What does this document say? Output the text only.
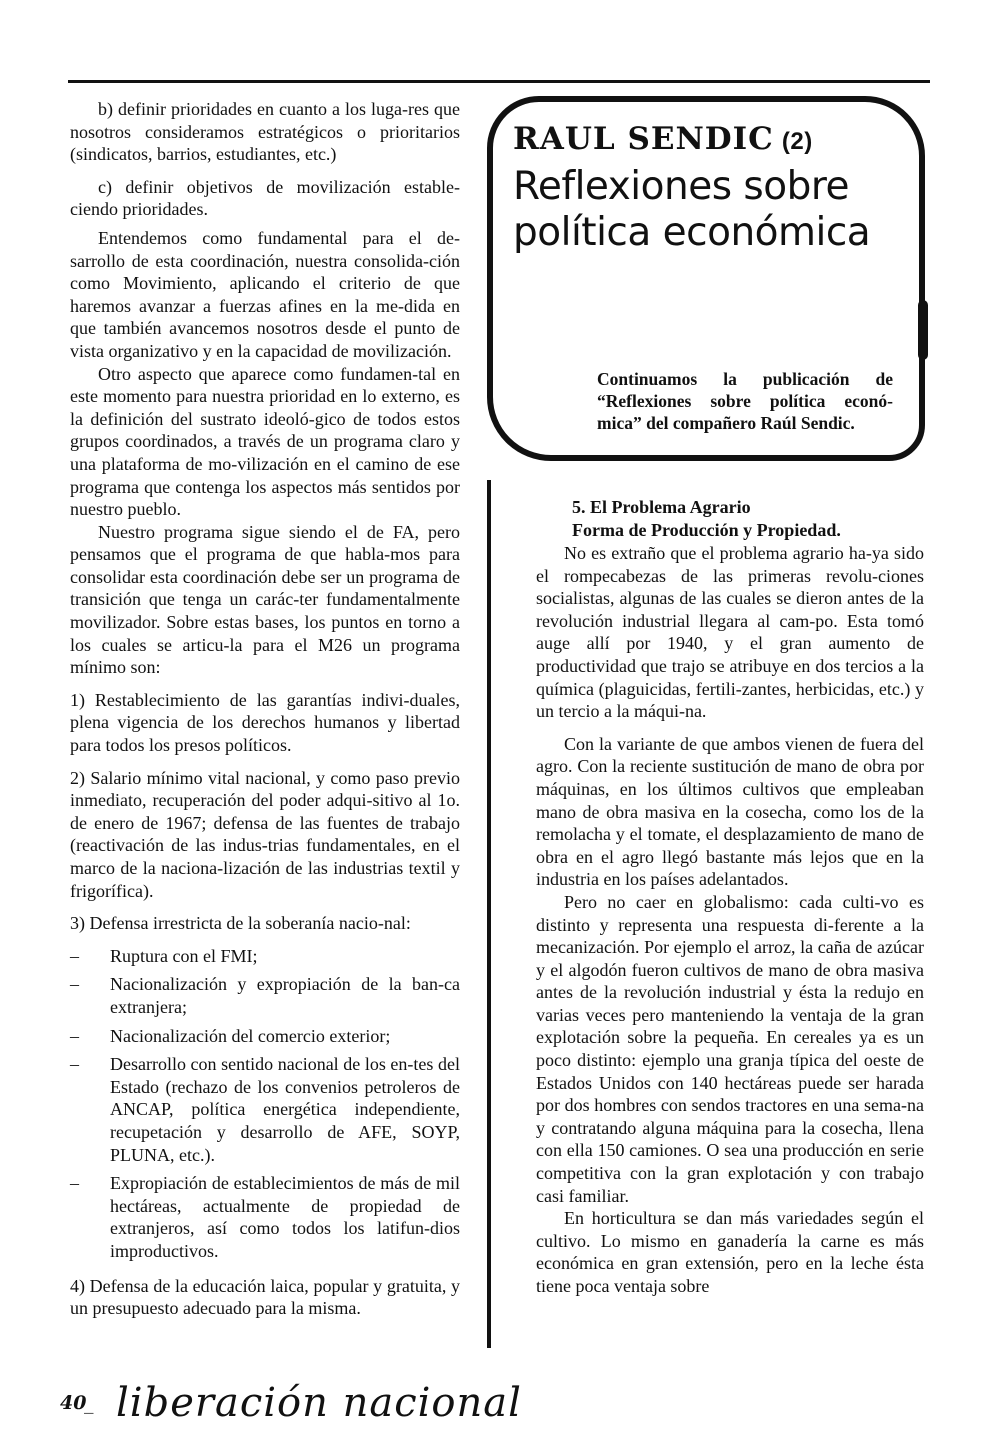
b) definir prioridades en cuanto a los luga-res que nosotros consideramos estratégicos o prioritarios (sindicatos, barrios, estudiantes, etc.)

c) definir objetivos de movilización estable-ciendo prioridades.

Entendemos como fundamental para el de-sarrollo de esta coordinación, nuestra consolida-ción como Movimiento, aplicando el criterio de que haremos avanzar a fuerzas afines en la me-dida en que también avancemos nosotros desde el punto de vista organizativo y en la capacidad de movilización.

Otro aspecto que aparece como fundamen-tal en este momento para nuestra prioridad en lo externo, es la definición del sustrato ideoló-gico de todos estos grupos coordinados, a través de un programa claro y una plataforma de mo-vilización en el camino de ese programa que contenga los aspectos más sentidos por nuestro pueblo.

Nuestro programa sigue siendo el de FA, pero pensamos que el programa de que habla-mos para consolidar esta coordinación debe ser un programa de transición que tenga un carác-ter fundamentalmente movilizador. Sobre estas bases, los puntos en torno a los cuales se articu-la para el M26 un programa mínimo son:

1) Restablecimiento de las garantías indivi-duales, plena vigencia de los derechos humanos y libertad para todos los presos políticos.

2) Salario mínimo vital nacional, y como paso previo inmediato, recuperación del poder adqui-sitivo al 1o. de enero de 1967; defensa de las fuentes de trabajo (reactivación de las indus-trias fundamentales, en el marco de la naciona-lización de las industrias textil y frigorífica).

3) Defensa irrestricta de la soberanía nacio-nal:

–	Ruptura con el FMI;
–	Nacionalización y expropiación de la ban-ca extranjera;
–	Nacionalización del comercio exterior;
–	Desarrollo con sentido nacional de los en-tes del Estado (rechazo de los convenios petroleros de ANCAP, política energética independiente, recupetación y desarrollo de AFE, SOYP, PLUNA, etc.).
–	Expropiación de establecimientos de más de mil hectáreas, actualmente de propiedad de extranjeros, así como todos los latifun-dios improductivos.

4) Defensa de la educación laica, popular y gratuita, y un presupuesto adecuado para la misma.

RAUL SENDIC (2)
Reflexiones sobre
política económica
Continuamos la publicación de “Reflexiones sobre política econó-mica” del compañero Raúl Sendic.
5. El Problema Agrario
Forma de Producción y Propiedad.

No es extraño que el problema agrario ha-ya sido el rompecabezas de las primeras revolu-ciones socialistas, algunas de las cuales se dieron antes de la revolución industrial llegara al cam-po. Esta tomó auge allí por 1940, y el gran aumento de productividad que trajo se atribuye en dos tercios a la química (plaguicidas, fertili-zantes, herbicidas, etc.) y un tercio a la máqui-na.

Con la variante de que ambos vienen de fuera del agro. Con la reciente sustitución de mano de obra por máquinas, en los últimos cultivos que empleaban mano de obra masiva en la cosecha, como los de la remolacha y el tomate, el desplazamiento de mano de obra en el agro llegó bastante más lejos que en la industria en los países adelantados.

Pero no caer en globalismo: cada culti-vo es distinto y representa una respuesta di-ferente a la mecanización. Por ejemplo el arroz, la caña de azúcar y el algodón fueron cultivos de mano de obra masiva antes de la revolución industrial y ésta la redujo en varias veces pero manteniendo la ventaja de la gran explotación sobre la pequeña. En cereales ya es un poco distinto: ejemplo una granja típica del oeste de Estados Unidos con 140 hectáreas puede ser harada por dos hombres con sendos tractores en una sema-na y contratando alguna máquina para la cosecha, llena con ella 150 camiones. O sea una producción en serie competitiva con la gran explotación y con trabajo casi familiar.

En horticultura se dan más variedades según el cultivo. Lo mismo en ganadería la carne es más económica en gran extensión, pero en la leche ésta tiene poca ventaja sobre

40
_ liberación nacional
